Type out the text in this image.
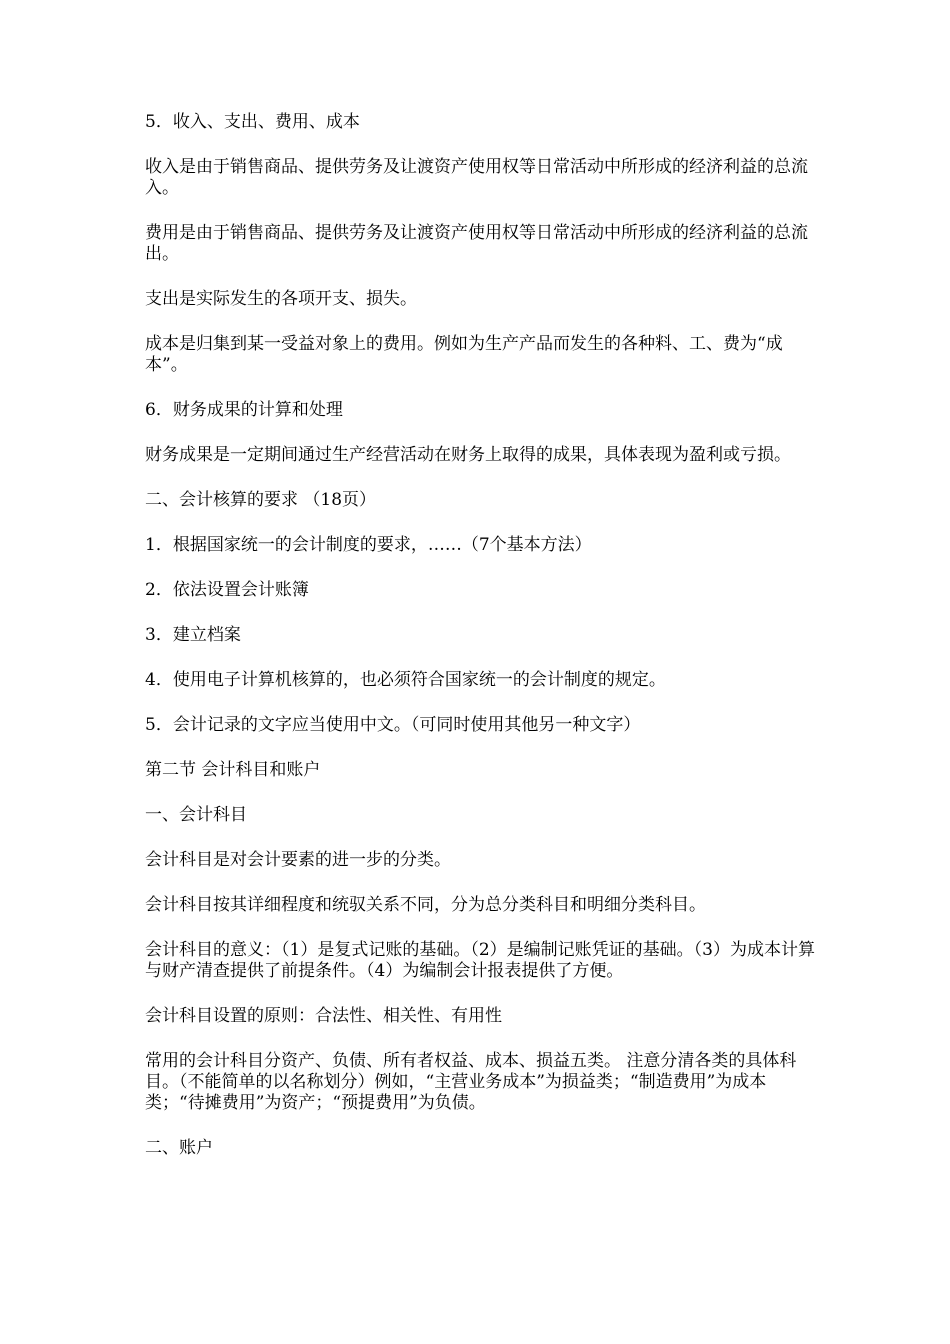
5．收入、支出、费用、成本

收入是由于销售商品、提供劳务及让渡资产使用权等日常活动中所形成的经济利益的总流入。

费用是由于销售商品、提供劳务及让渡资产使用权等日常活动中所形成的经济利益的总流出。

支出是实际发生的各项开支、损失。

成本是归集到某一受益对象上的费用。例如为生产产品而发生的各种料、工、费为“成本”。

6．财务成果的计算和处理

财务成果是一定期间通过生产经营活动在财务上取得的成果，具体表现为盈利或亏损。

二、会计核算的要求 （18页）

1．根据国家统一的会计制度的要求，……（7个基本方法）

2．依法设置会计账簿

3．建立档案

4．使用电子计算机核算的，也必须符合国家统一的会计制度的规定。

5．会计记录的文字应当使用中文。（可同时使用其他另一种文字）

第二节 会计科目和账户

一、会计科目

会计科目是对会计要素的进一步的分类。

会计科目按其详细程度和统驭关系不同，分为总分类科目和明细分类科目。

会计科目的意义：（1）是复式记账的基础。（2）是编制记账凭证的基础。（3）为成本计算与财产清查提供了前提条件。（4）为编制会计报表提供了方便。

会计科目设置的原则：合法性、相关性、有用性

常用的会计科目分资产、负债、所有者权益、成本、损益五类。 注意分清各类的具体科目。（不能简单的以名称划分）例如，“主营业务成本”为损益类；“制造费用”为成本类；“待摊费用”为资产；“预提费用”为负债。

二、账户
